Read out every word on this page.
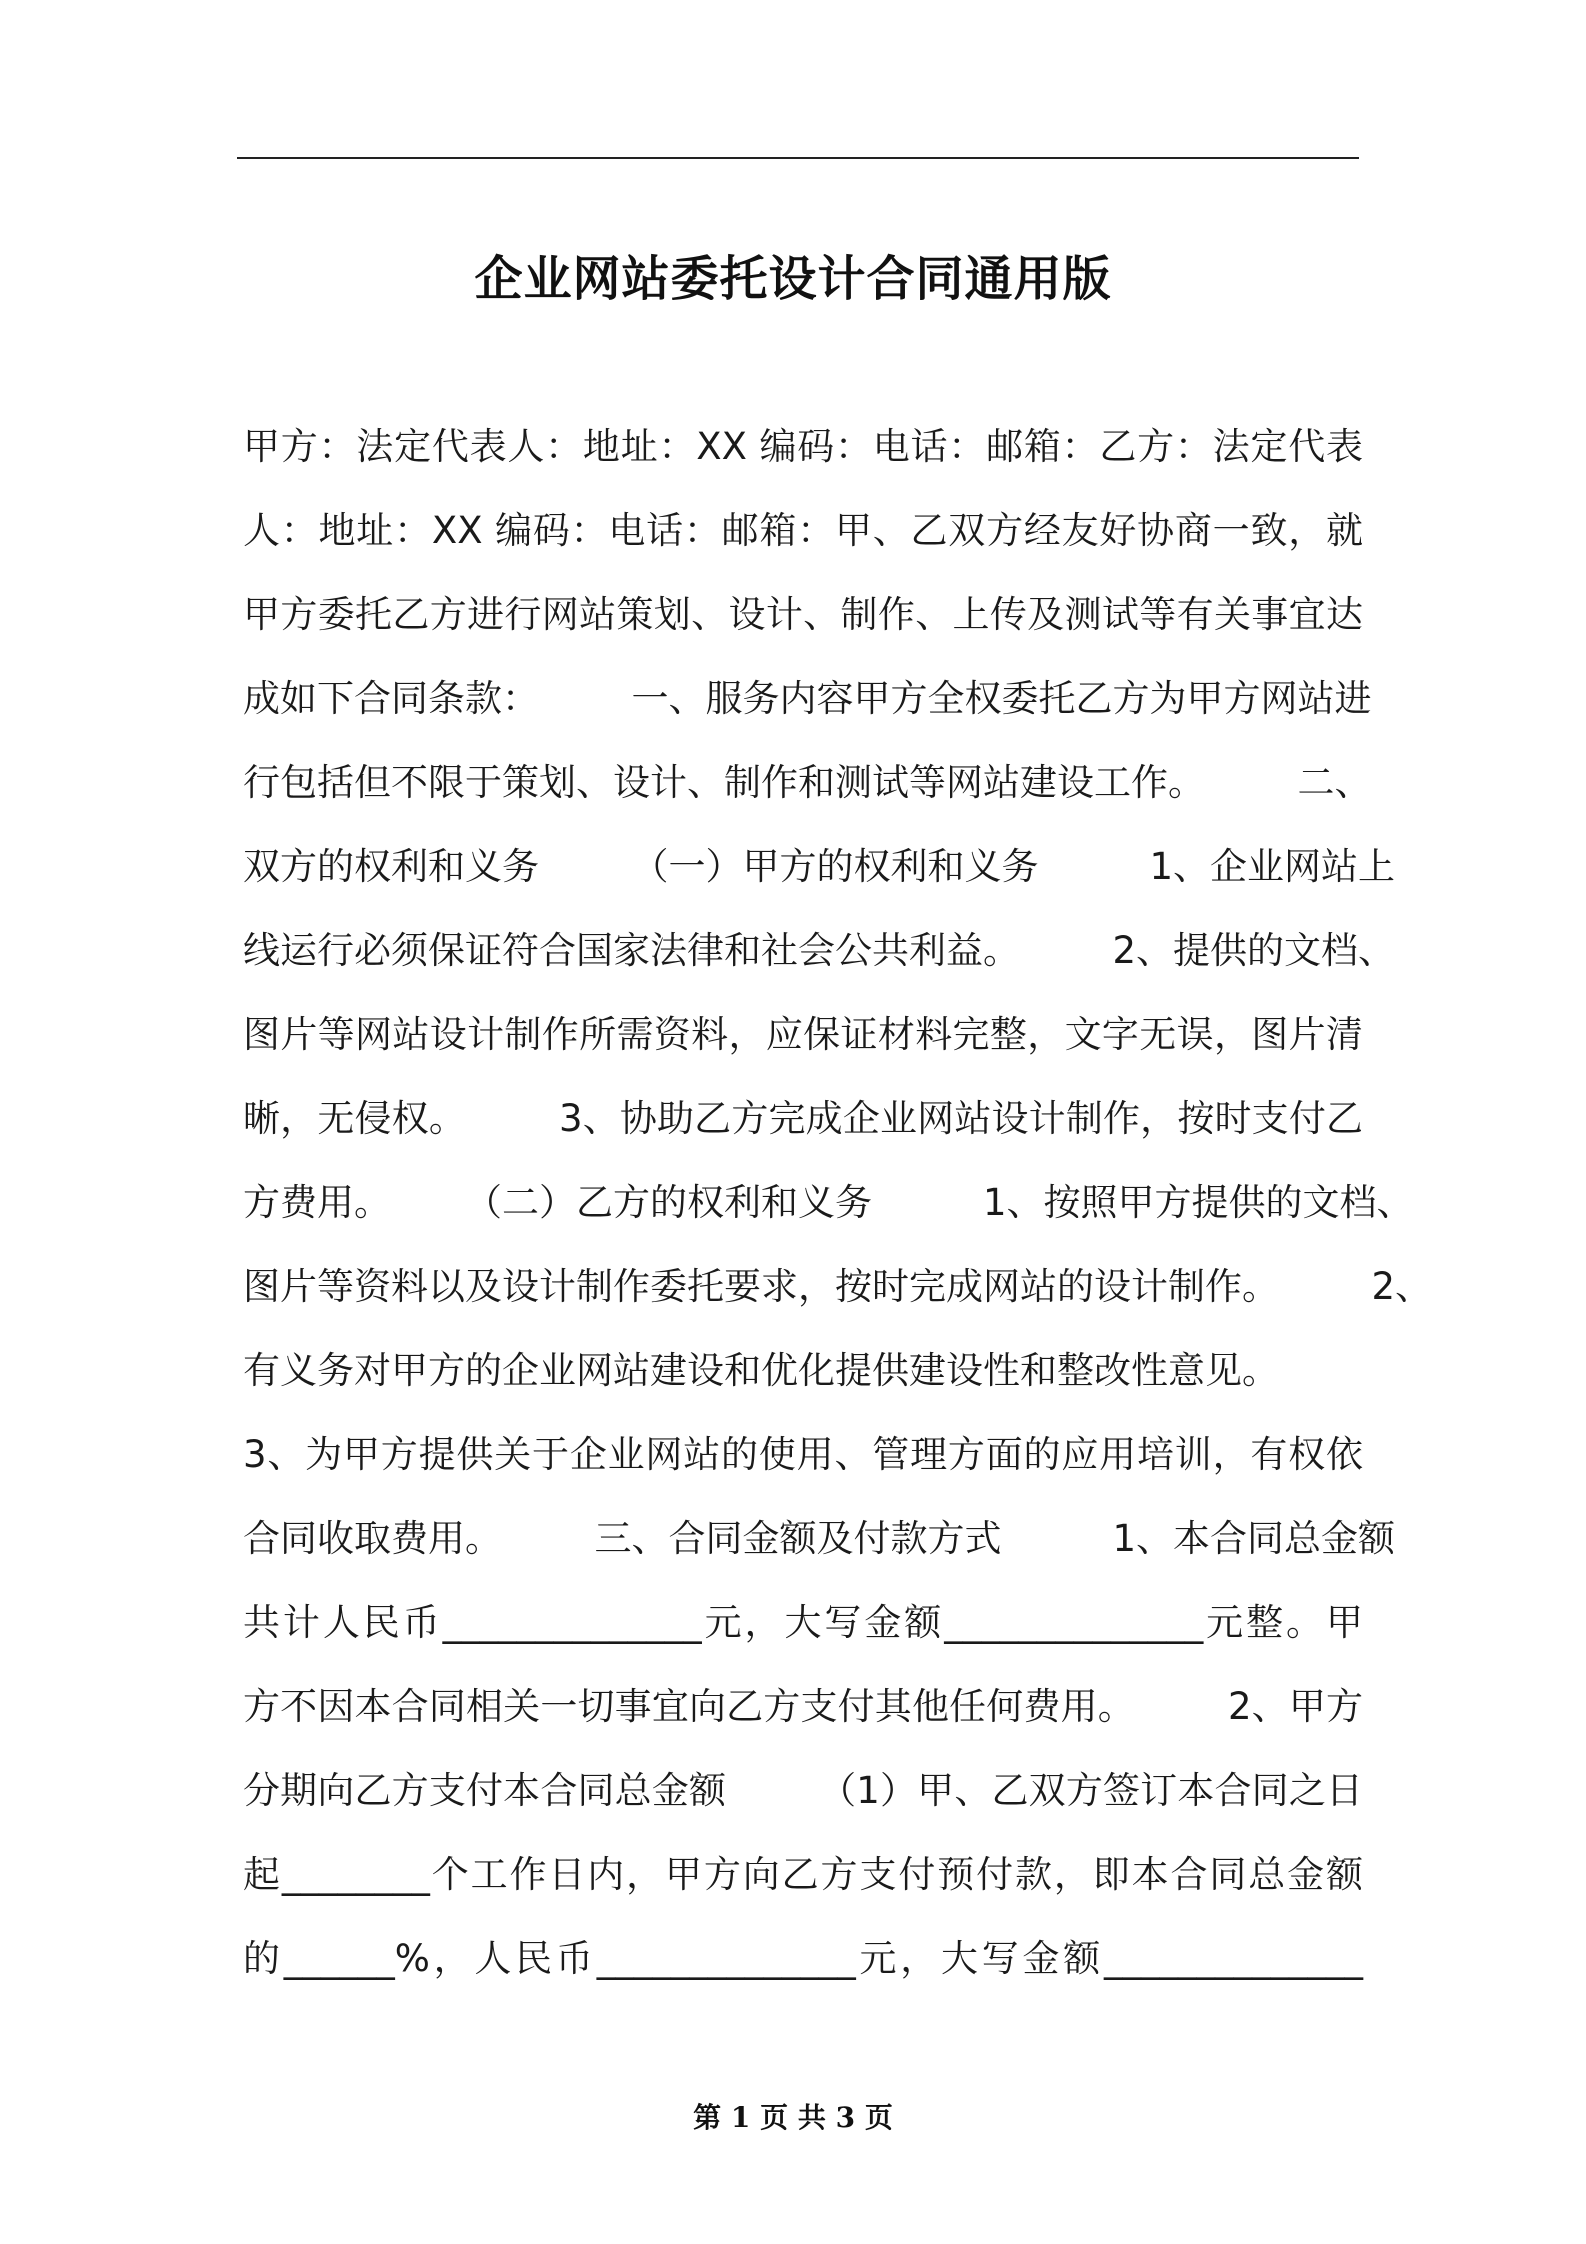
企业网站委托设计合同通用版
甲方：法定代表人：地址：XX 编码：电话：邮箱：乙方：法定代表
人：地址：XX 编码：电话：邮箱：甲、乙双方经友好协商一致，就
甲方委托乙方进行网站策划、设计、制作、上传及测试等有关事宜达
成如下合同条款：　　　一、服务内容甲方全权委托乙方为甲方网站进
行包括但不限于策划、设计、制作和测试等网站建设工作。　　　二、
双方的权利和义务　　　（一）甲方的权利和义务　　　1、企业网站上
线运行必须保证符合国家法律和社会公共利益。　　　2、提供的文档、
图片等网站设计制作所需资料，应保证材料完整，文字无误，图片清
晰，无侵权。　　　3、协助乙方完成企业网站设计制作，按时支付乙
方费用。　　　（二）乙方的权利和义务　　　1、按照甲方提供的文档、
图片等资料以及设计制作委托要求，按时完成网站的设计制作。　　　2、
有义务对甲方的企业网站建设和优化提供建设性和整改性意见。
3、为甲方提供关于企业网站的使用、管理方面的应用培训，有权依
合同收取费用。　　　三、合同金额及付款方式　　　1、本合同总金额
共计人民币______________元，大写金额______________元整。甲
方不因本合同相关一切事宜向乙方支付其他任何费用。　　　2、甲方
分期向乙方支付本合同总金额　　　（1）甲、乙双方签订本合同之日
起________个工作日内，甲方向乙方支付预付款，即本合同总金额
的______%，人民币______________元，大写金额______________
第 1 页 共 3 页
